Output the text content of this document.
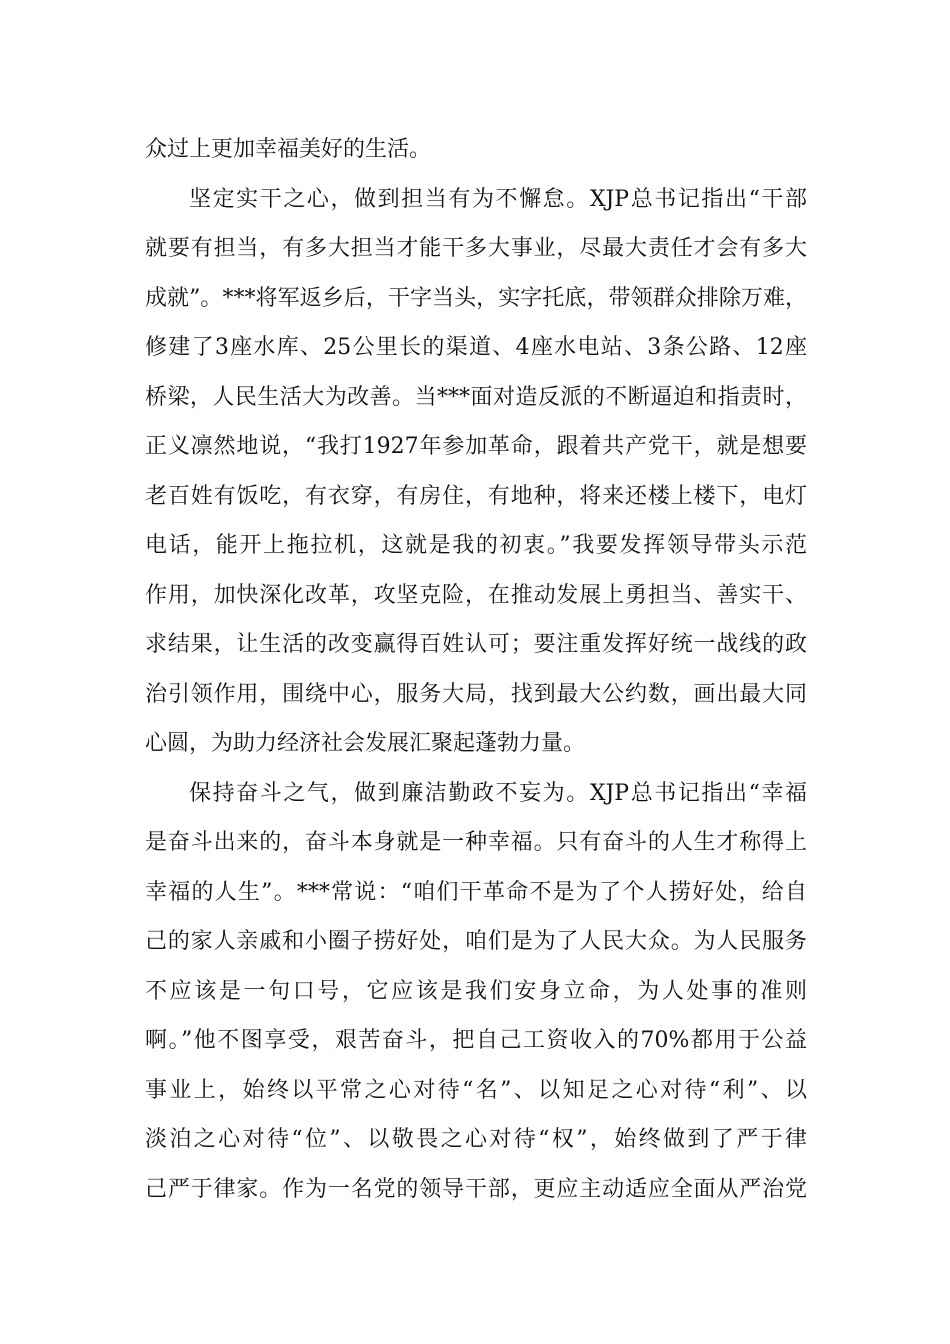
众过上更加幸福美好的生活。
坚定实干之心，做到担当有为不懈怠。XJP总书记指出“干部
就要有担当，有多大担当才能干多大事业，尽最大责任才会有多大
成就”。***将军返乡后，干字当头，实字托底，带领群众排除万难，
修建了3座水库、25公里长的渠道、4座水电站、3条公路、12座
桥梁，人民生活大为改善。当***面对造反派的不断逼迫和指责时，
正义凛然地说，“我打1927年参加革命，跟着共产党干，就是想要
老百姓有饭吃，有衣穿，有房住，有地种，将来还楼上楼下，电灯
电话，能开上拖拉机，这就是我的初衷。”我要发挥领导带头示范
作用，加快深化改革，攻坚克险，在推动发展上勇担当、善实干、
求结果，让生活的改变赢得百姓认可；要注重发挥好统一战线的政
治引领作用，围绕中心，服务大局，找到最大公约数，画出最大同
心圆，为助力经济社会发展汇聚起蓬勃力量。
保持奋斗之气，做到廉洁勤政不妄为。XJP总书记指出“幸福
是奋斗出来的，奋斗本身就是一种幸福。只有奋斗的人生才称得上
幸福的人生”。***常说：“咱们干革命不是为了个人捞好处，给自
己的家人亲戚和小圈子捞好处，咱们是为了人民大众。为人民服务
不应该是一句口号，它应该是我们安身立命，为人处事的准则
啊。”他不图享受，艰苦奋斗，把自己工资收入的70%都用于公益
事业上，始终以平常之心对待“名”、以知足之心对待“利”、以
淡泊之心对待“位”、以敬畏之心对待“权”，始终做到了严于律
己严于律家。作为一名党的领导干部，更应主动适应全面从严治党
